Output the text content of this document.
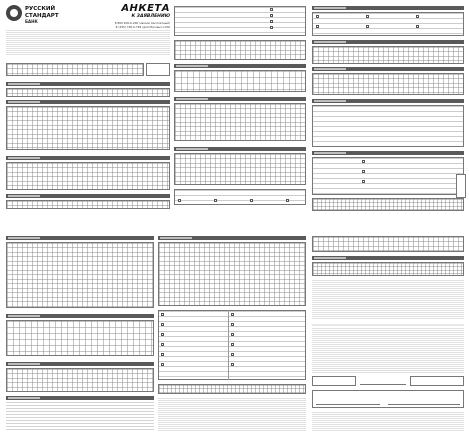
РУССКИЙ СТАНДАРТ
БАНК
АНКЕТА
К ЗАЯВЛЕНИЮ
8 800 200-6-200 (звонок бесплатный)
8 (495) 748-0-748 (для Москвы) и МО
